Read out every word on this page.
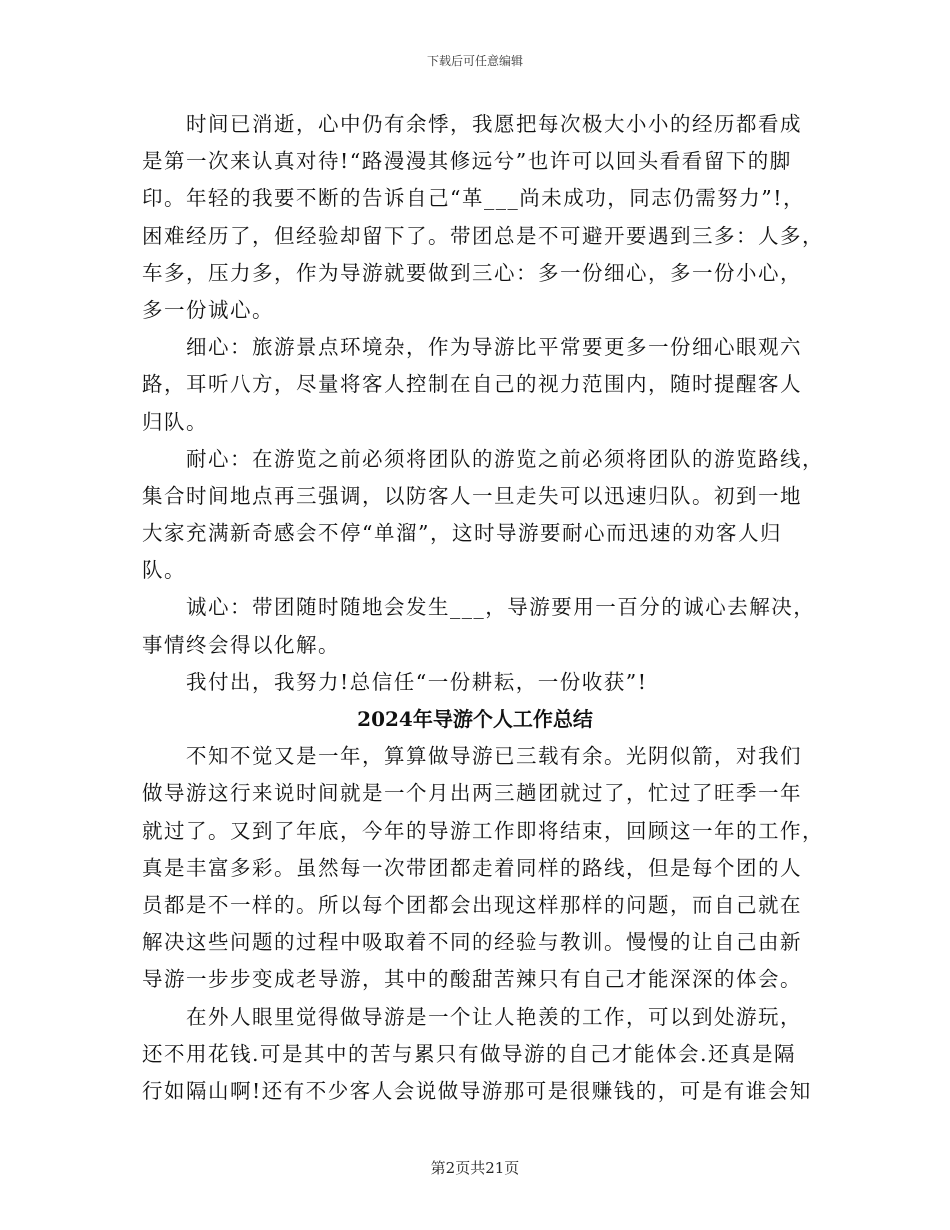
下载后可任意编辑
　　时间已消逝，心中仍有余悸，我愿把每次极大小小的经历都看成
是第一次来认真对待!“路漫漫其修远兮”也许可以回头看看留下的脚
印。年轻的我要不断的告诉自己“革___尚未成功，同志仍需努力”!，
困难经历了，但经验却留下了。带团总是不可避开要遇到三多：人多，
车多，压力多，作为导游就要做到三心：多一份细心，多一份小心，
多一份诚心。
　　细心：旅游景点环境杂，作为导游比平常要更多一份细心眼观六
路，耳听八方，尽量将客人控制在自己的视力范围内，随时提醒客人
归队。
　　耐心：在游览之前必须将团队的游览之前必须将团队的游览路线，
集合时间地点再三强调，以防客人一旦走失可以迅速归队。初到一地
大家充满新奇感会不停“单溜”，这时导游要耐心而迅速的劝客人归
队。
　　诚心：带团随时随地会发生___，导游要用一百分的诚心去解决，
事情终会得以化解。
　　我付出，我努力!总信任“一份耕耘，一份收获”!
2024年导游个人工作总结
　　不知不觉又是一年，算算做导游已三载有余。光阴似箭，对我们
做导游这行来说时间就是一个月出两三趟团就过了，忙过了旺季一年
就过了。又到了年底，今年的导游工作即将结束，回顾这一年的工作，
真是丰富多彩。虽然每一次带团都走着同样的路线，但是每个团的人
员都是不一样的。所以每个团都会出现这样那样的问题，而自己就在
解决这些问题的过程中吸取着不同的经验与教训。慢慢的让自己由新
导游一步步变成老导游，其中的酸甜苦辣只有自己才能深深的体会。
　　在外人眼里觉得做导游是一个让人艳羡的工作，可以到处游玩，
还不用花钱.可是其中的苦与累只有做导游的自己才能体会.还真是隔
行如隔山啊!还有不少客人会说做导游那可是很赚钱的，可是有谁会知
第2页共21页
